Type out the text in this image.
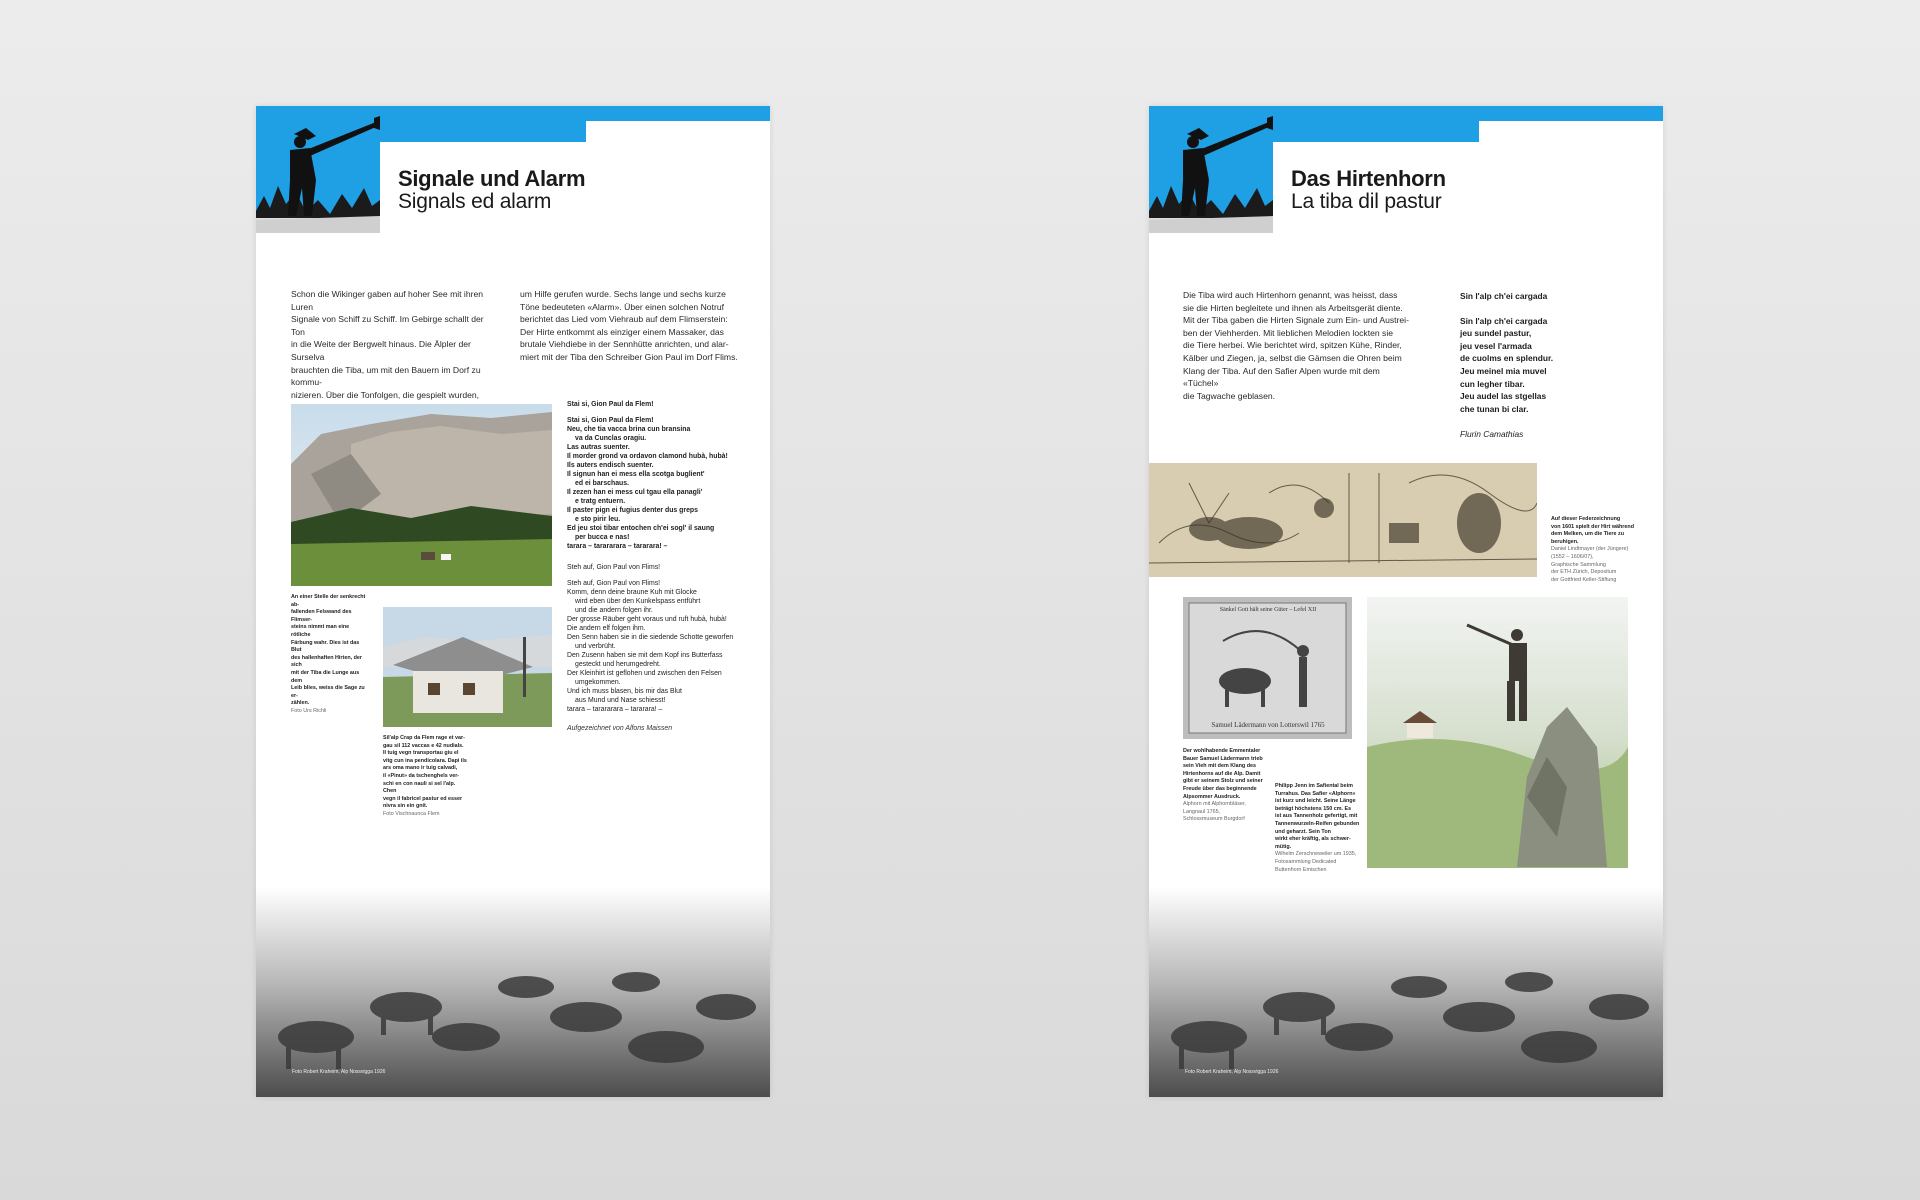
Signale und Alarm
Signals ed alarm

Schon die Wikinger gaben auf hoher See mit ihren Luren
Signale von Schiff zu Schiff. Im Gebirge schallt der Ton
in die Weite der Bergwelt hinaus. Die Älpler der Surselva
brauchten die Tiba, um mit den Bauern im Dorf zu kommu-
nizieren. Über die Tonfolgen, die gespielt wurden,

um Hilfe gerufen wurde. Sechs lange und sechs kurze
Töne bedeuteten «Alarm». Über einen solchen Notruf
berichtet das Lied vom Viehraub auf dem Flimserstein:
Der Hirte entkommt als einziger einem Massaker, das
brutale Viehdiebe in der Sennhütte anrichten, und alar-
miert mit der Tiba den Schreiber Gion Paul im Dorf Flims.

An einer Stelle der senkrecht ab-
fallenden Felswand des Flimser-
steins nimmt man eine rötliche
Färbung wahr. Dies ist das Blut
des hallenhaften Hirten, der sich
mit der Tiba die Lunge aus dem
Leib blies, weiss die Sage zu er-
zählen.
Foto Urs Richli
Sil'alp Crap da Flem rage et var-
gau sil 112 vaccas e 42 nudials.
Il tuig vegn transportau giu el
vitg cun ina pendicolara. Dapi ils
ars oma mano ir tuig calvadi,
il «Pinut» da tschenghels ver-
schi en con nauli si sel l'alp. Chen
vegn il fabricel pastur ed esser
nivra sin ein gnit.
Foto Vischnaunca Flem
Stai si, Gion Paul da Flem!
Stai si, Gion Paul da Flem!
Neu, che tia vacca brina cun bransina
va da Cunclas oragiu.
Las autras suenter.
Il morder grond va ordavon clamond hubà, hubà!
Ils auters endisch suenter.
Il signun han ei mess ella scotga buglient'
ed ei barschaus.
Il zezen han ei mess cul tgau ella panagli'
e tratg entuern.
Il paster pign ei fugius denter dus greps
e sto pirir leu.
Ed jeu stoi tibar entochen ch'ei sogl' il saung
per bucca e nas!
tarara – tarararara – tararara! –
Steh auf, Gion Paul von Flims!
Steh auf, Gion Paul von Flims!
Komm, denn deine braune Kuh mit Glocke
wird eben über den Kunkelspass entführt
und die andern folgen ihr.
Der grosse Räuber geht voraus und ruft hubà, hubà!
Die andern elf folgen ihm.
Den Senn haben sie in die siedende Schotte geworfen
und verbrüht.
Den Zusenn haben sie mit dem Kopf ins Butterfass
gesteckt und herumgedreht.
Der Kleinhirt ist geflohen und zwischen den Felsen
umgekommen.
Und ich muss blasen, bis mir das Blut
aus Mund und Nase schiesst!
tarara – tarararara – tararara! –
Aufgezeichnet von Alfons Maissen
Foto Robert Kraheim, Alp Nossvigga 1926
Das Hirtenhorn
La tiba dil pastur

Die Tiba wird auch Hirtenhorn genannt, was heisst, dass
sie die Hirten begleitete und ihnen als Arbeitsgerät diente.
Mit der Tiba gaben die Hirten Signale zum Ein- und Austrei-
ben der Viehherden. Mit lieblichen Melodien lockten sie
die Tiere herbei. Wie berichtet wird, spitzen Kühe, Rinder,
Kälber und Ziegen, ja, selbst die Gämsen die Ohren beim
Klang der Tiba. Auf den Safier Alpen wurde mit dem «Tüchel»
die Tagwache geblasen.

Sin l'alp ch'ei cargada
Sin l'alp ch'ei cargada
jeu sundel pastur,
jeu vesel l'armada
de cuolms en splendur.
Jeu meinel mia muvel
cun legher tibar.
Jeu audel las stgellas
che tunan bi clar.
Flurin Camathias
Auf dieser Federzeichnung
von 1601 spielt der Hirt während
dem Melken, um die Tiere zu
beruhigen.
Daniel Lindtmayer (der Jüngere)
(1552 – 1606/07),
Graphische Sammlung
der ETH Zürich, Depositum
der Gottfried Keller-Stiftung
Sänkel Gott hält seine Güter – Lefel XII
Samuel Lädermann von Lotterswil 1765
Der wohlhabende Emmentaler
Bauer Samuel Lädermann trieb
sein Vieh mit dem Klang des
Hirtenhorns auf die Alp. Damit
gibt er seinem Stolz und seiner
Freude über das beginnende
Alpsommer Ausdruck.
Alphorn mit Alphornbläser,
Langnaul 1765,
Schlossmuseum Burgdorf
Philipp Jenn im Safiental beim
Turrahus. Das Safier «Alphorn»
ist kurz und leicht. Seine Länge
beträgt höchstens 150 cm. Es
ist aus Tannenholz gefertigt, mit
Tannenwurzeln-Reifen gebunden
und geharzt. Sein Ton
wirkt eher kräftig, als schwer-
mütig.
Wilhelm Zerschneweiler um 1935,
Fotosammlung Dedicated
Buttenhorn Emischen
Foto Robert Kraheim, Alp Nossvigga 1926
